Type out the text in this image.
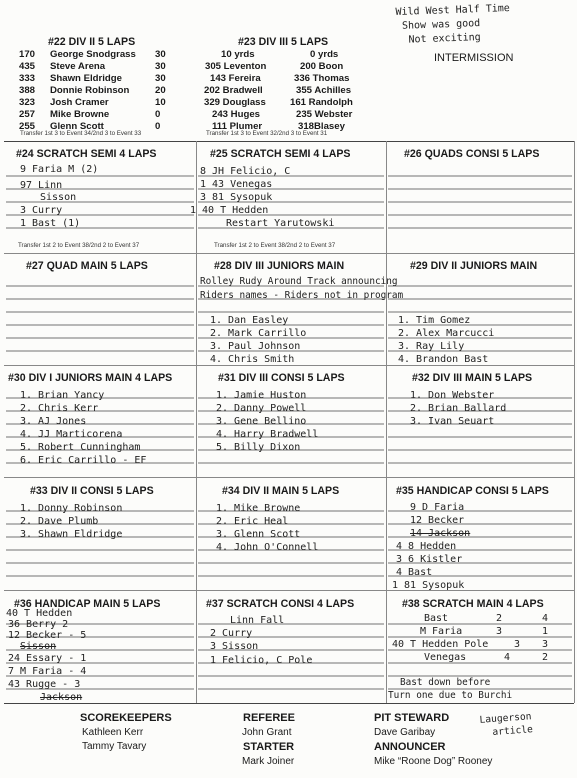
Wild West Half Time
Show was good
Not exciting
INTERMISSION
#22 DIV II 5 LAPS
170 George Snodgrass 30
435 Steve Arena	30
333 Shawn Eldridge	30
388 Donnie Robinson	20
323 Josh Cramer	10
257 Mike Browne	0
255 Glenn Scott	0
Transfer 1st 3 to Event 34/2nd 3 to Event 33
#23 DIV III 5 LAPS
10 yrds	0 yrds
305 Leventon	200 Boon
143 Fereira	336 Thomas
202 Bradwell	355 Achilles
329 Douglass	161 Randolph
243 Huges	235 Webster
111 Plumer	318Blasey
Transfer 1st 3 to Event 32/2nd 3 to Event 31
#24 SCRATCH SEMI 4 LAPS
9 Faria M (2)
97 Linn
Sisson
3 Curry
1 Bast (1)
Transfer 1st 2 to Event 38/2nd 2 to Event 37
#25 SCRATCH SEMI 4 LAPS
8 JH Felicio, C
1 43 Venegas
3 81 Sysopuk
1 40 T Hedden
Restart Yarutowski
Transfer 1st 2 to Event 38/2nd 2 to Event 37
#26 QUADS CONSI 5 LAPS
#27 QUAD MAIN 5 LAPS	#28 DIV III JUNIORS MAIN
Rolley Rudy Around Track announcing
Riders names - Riders not in program
1. Dan Easley
2. Mark Carrillo
3. Paul Johnson
4. Chris Smith
#29 DIV II JUNIORS MAIN
1. Tim Gomez
2. Alex Marcucci
3. Ray Lily
4. Brandon Bast
#30 DIV I JUNIORS MAIN 4 LAPS
1. Brian Yancy
2. Chris Kerr
3. AJ Jones
4. JJ Marticorena
5. Robert Cunningham
6. Eric Carrillo - EF
#31 DIV III CONSI 5 LAPS
1. Jamie Huston
2. Danny Powell
3. Gene Bellino
4. Harry Bradwell
5. Billy Dixon
#32 DIV III MAIN 5 LAPS
1. Don Webster
2. Brian Ballard
3. Ivan Seuart
#33 DIV II CONSI 5 LAPS
1. Donny Robinson
2. Dave Plumb
3. Shawn Eldridge
#34 DIV II MAIN 5 LAPS
1. Mike Browne
2. Eric Heal
3. Glenn Scott
4. John O'Connell
#35 HANDICAP CONSI 5 LAPS
9 D Faria
12 Becker
14 Jackson
4 8 Hedden
3 6 Kistler
4 Bast
1 81 Sysopuk
#36 HANDICAP MAIN 5 LAPS
40 T Hedden
36 Berry 2
12 Becker - 5
Sisson
24 Essary - 1
7 M Faria - 4
43 Rugge - 3
Jackson
#37 SCRATCH CONSI 4 LAPS
Linn Fall
2 Curry
3 Sisson
1 Felicio, C Pole
#38 SCRATCH MAIN 4 LAPS
Bast	2	4
M Faria	3	1
40 T Hedden Pole	3 3
Venegas	4	2
Bast down before
Turn one due to Burchi
SCOREKEEPERS
Kathleen Kerr
Tammy Tavary
REFEREE
John Grant
STARTER
Mark Joiner
PIT STEWARD
Dave Garibay
ANNOUNCER
Mike “Roone Dog” Rooney
Laugerson
article
